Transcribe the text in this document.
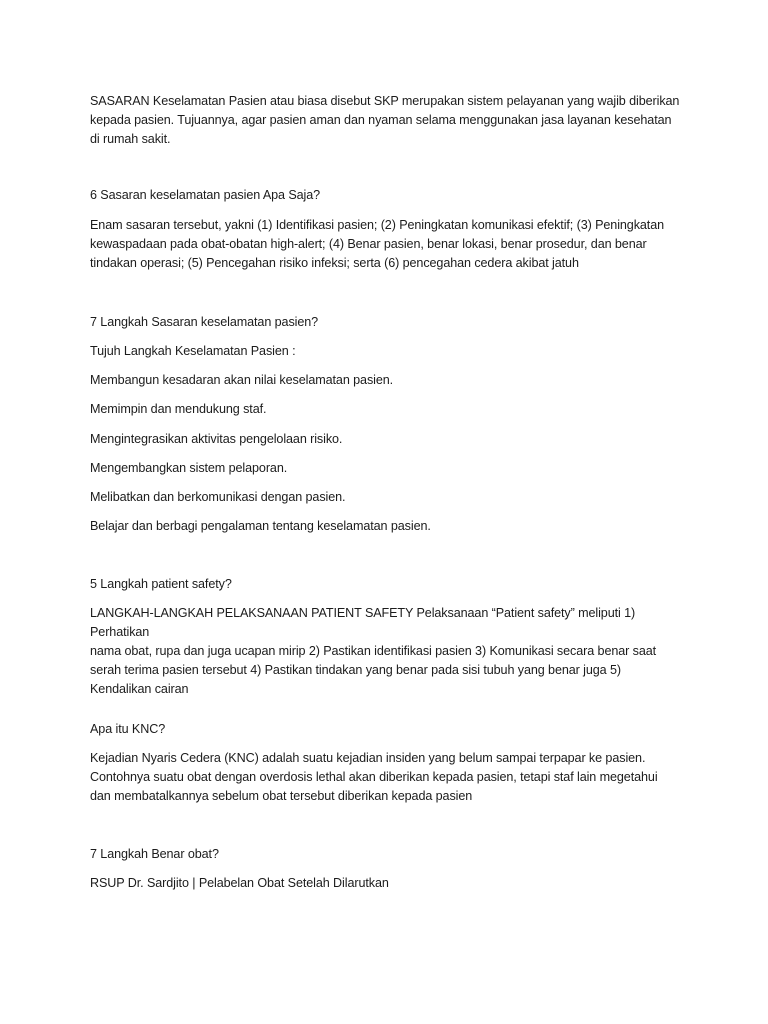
SASARAN Keselamatan Pasien atau biasa disebut SKP merupakan sistem pelayanan yang wajib diberikan
kepada pasien. Tujuannya, agar pasien aman dan nyaman selama menggunakan jasa layanan kesehatan
di rumah sakit.

6 Sasaran keselamatan pasien Apa Saja?

Enam sasaran tersebut, yakni (1) Identifikasi pasien; (2) Peningkatan komunikasi efektif; (3) Peningkatan
kewaspadaan pada obat-obatan high-alert; (4) Benar pasien, benar lokasi, benar prosedur, dan benar
tindakan operasi; (5) Pencegahan risiko infeksi; serta (6) pencegahan cedera akibat jatuh

7 Langkah Sasaran keselamatan pasien?

Tujuh Langkah Keselamatan Pasien :

Membangun kesadaran akan nilai keselamatan pasien.

Memimpin dan mendukung staf.

Mengintegrasikan aktivitas pengelolaan risiko.

Mengembangkan sistem pelaporan.

Melibatkan dan berkomunikasi dengan pasien.

Belajar dan berbagi pengalaman tentang keselamatan pasien.

5 Langkah patient safety?

LANGKAH-LANGKAH PELAKSANAAN PATIENT SAFETY Pelaksanaan “Patient safety” meliputi 1) Perhatikan
nama obat, rupa dan juga ucapan mirip 2) Pastikan identifikasi pasien 3) Komunikasi secara benar saat
serah terima pasien tersebut 4) Pastikan tindakan yang benar pada sisi tubuh yang benar juga 5)
Kendalikan cairan

Apa itu KNC?

Kejadian Nyaris Cedera (KNC) adalah suatu kejadian insiden yang belum sampai terpapar ke pasien.
Contohnya suatu obat dengan overdosis lethal akan diberikan kepada pasien, tetapi staf lain megetahui
dan membatalkannya sebelum obat tersebut diberikan kepada pasien

7 Langkah Benar obat?

RSUP Dr. Sardjito | Pelabelan Obat Setelah Dilarutkan
